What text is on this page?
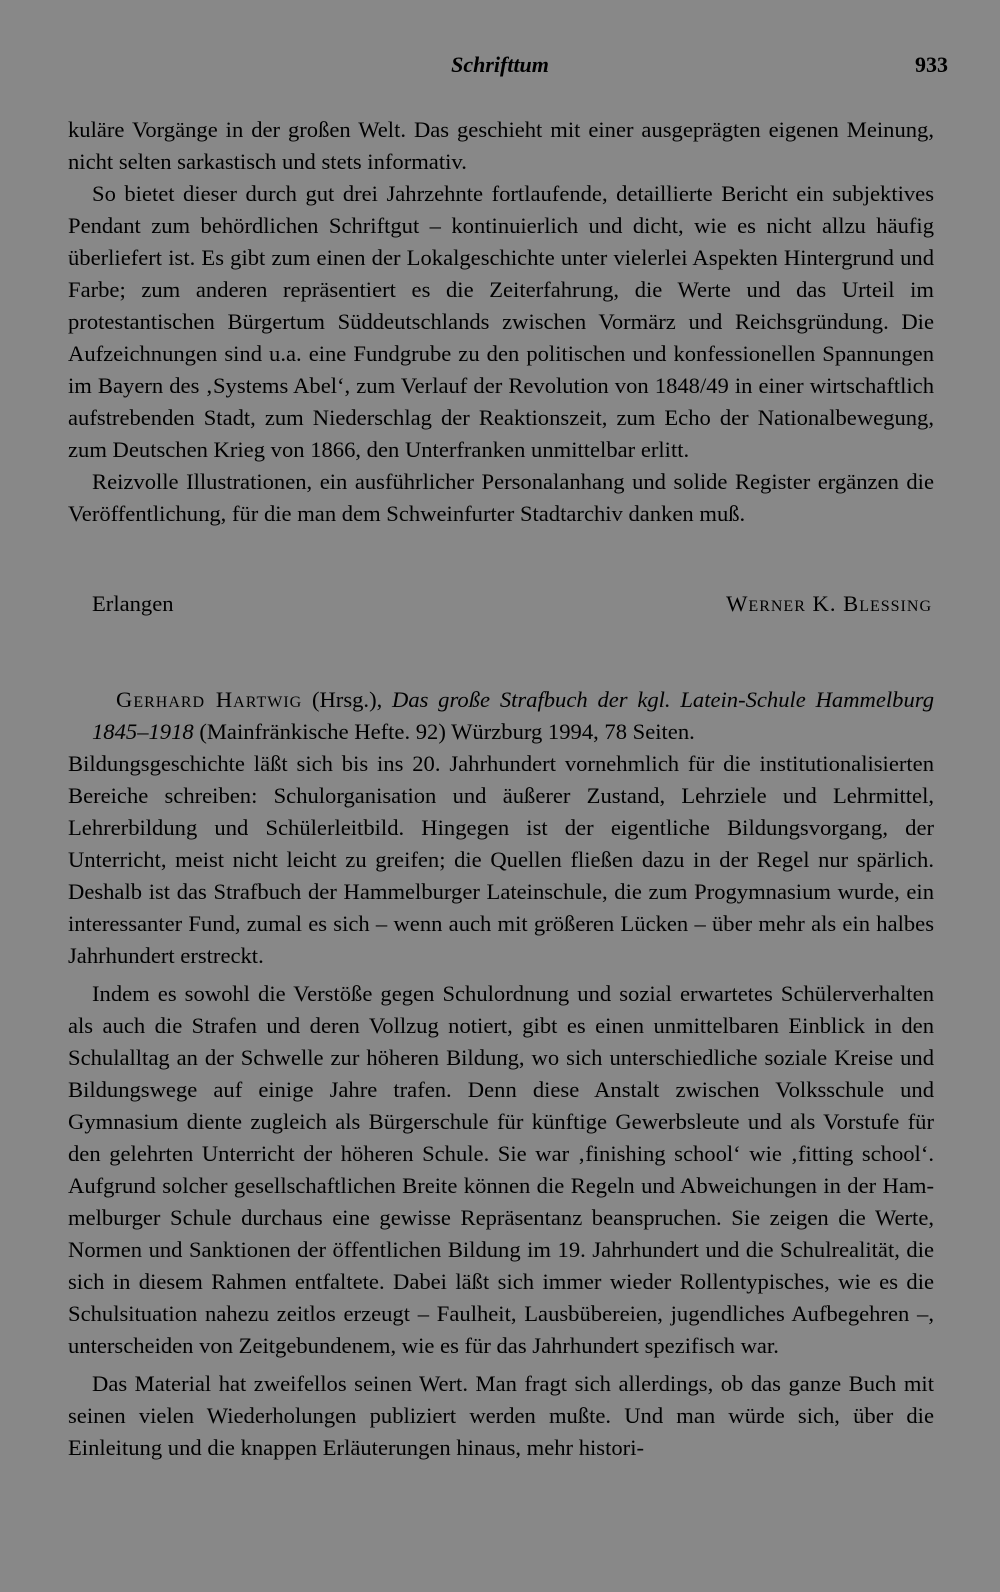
Schrifttum	933

kuläre Vorgänge in der großen Welt. Das geschieht mit einer ausgeprägten eigenen Meinung, nicht selten sarkastisch und stets informativ.

So bietet dieser durch gut drei Jahrzehnte fortlaufende, detaillierte Bericht ein subjektives Pendant zum behördlichen Schriftgut – kontinuierlich und dicht, wie es nicht allzu häufig überliefert ist. Es gibt zum einen der Lokalgeschichte unter vielerlei Aspekten Hintergrund und Farbe; zum anderen repräsentiert es die Zeiterfahrung, die Werte und das Urteil im protestantischen Bürgertum Süddeutschlands zwischen Vormärz und Reichsgründung. Die Aufzeichnungen sind u.a. eine Fundgrube zu den politischen und konfessionellen Spannungen im Bayern des ‚Systems Abel‘, zum Verlauf der Revolution von 1848/49 in einer wirtschaftlich aufstrebenden Stadt, zum Niederschlag der Reaktionszeit, zum Echo der Nationalbewegung, zum Deutschen Krieg von 1866, den Unterfranken unmittelbar erlitt.

Reizvolle Illustrationen, ein ausführlicher Personalanhang und solide Register ergänzen die Veröffentlichung, für die man dem Schweinfurter Stadtarchiv danken muß.

Erlangen	Werner K. Blessing

Gerhard Hartwig (Hrsg.), Das große Strafbuch der kgl. Latein-Schule Hammelburg 1845–1918 (Mainfränkische Hefte. 92) Würzburg 1994, 78 Seiten.

Bildungsgeschichte läßt sich bis ins 20. Jahrhundert vornehmlich für die institutionalisierten Bereiche schreiben: Schulorganisation und äußerer Zustand, Lehrziele und Lehrmittel, Lehrerbildung und Schülerleitbild. Hingegen ist der eigentliche Bildungsvorgang, der Unterricht, meist nicht leicht zu greifen; die Quellen fließen dazu in der Regel nur spärlich. Deshalb ist das Strafbuch der Hammelburger Lateinschule, die zum Progymnasium wurde, ein interessanter Fund, zumal es sich – wenn auch mit größeren Lücken – über mehr als ein halbes Jahrhundert erstreckt.

Indem es sowohl die Verstöße gegen Schulordnung und sozial erwartetes Schülerverhalten als auch die Strafen und deren Vollzug notiert, gibt es einen unmittelbaren Einblick in den Schulalltag an der Schwelle zur höheren Bildung, wo sich unterschiedliche soziale Kreise und Bildungswege auf einige Jahre trafen. Denn diese Anstalt zwischen Volksschule und Gymnasium diente zugleich als Bürgerschule für künftige Gewerbsleute und als Vorstufe für den gelehrten Unterricht der höheren Schule. Sie war ‚finishing school‘ wie ‚fitting school‘. Aufgrund solcher gesellschaftlichen Breite können die Regeln und Abweichungen in der Hammelburger Schule durchaus eine gewisse Repräsentanz beanspruchen. Sie zeigen die Werte, Normen und Sanktionen der öffentlichen Bildung im 19. Jahrhundert und die Schulrealität, die sich in diesem Rahmen entfaltete. Dabei läßt sich immer wieder Rollentypisches, wie es die Schulsituation nahezu zeitlos erzeugt – Faulheit, Lausbübereien, jugendliches Aufbegehren –, unterscheiden von Zeitgebundenem, wie es für das Jahrhundert spezifisch war.

Das Material hat zweifellos seinen Wert. Man fragt sich allerdings, ob das ganze Buch mit seinen vielen Wiederholungen publiziert werden mußte. Und man würde sich, über die Einleitung und die knappen Erläuterungen hinaus, mehr histori-
